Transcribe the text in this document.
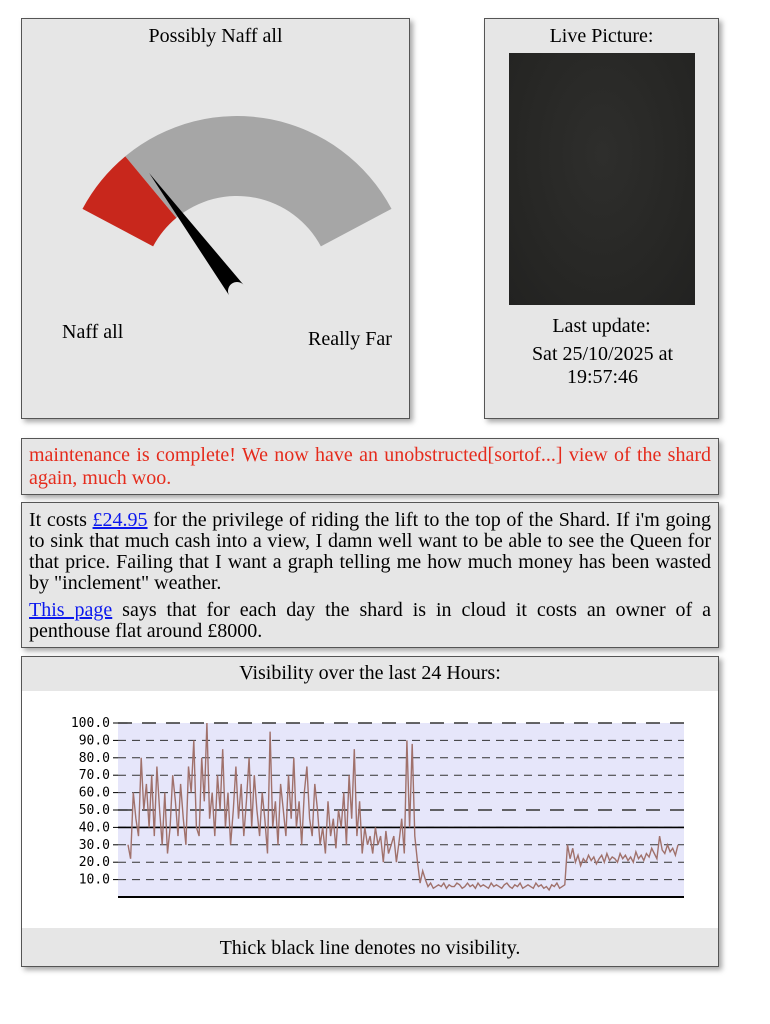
Possibly Naff all
Naff all	Really Far
Live Picture:
Last update:
Sat 25/10/2025 at 19:57:46
maintenance is complete! We now have an unobstructed[sortof...] view of the shard again, much woo.

It costs £24.95 for the privilege of riding the lift to the top of the Shard. If i'm going to sink that much cash into a view, I damn well want to be able to see the Queen for that price. Failing that I want a graph telling me how much money has been wasted by "inclement" weather.

This page says that for each day the shard is in cloud it costs an owner of a penthouse flat around £8000.

Visibility over the last 24 Hours:
100.0
90.0
80.0
70.0
60.0
50.0
40.0
30.0
20.0
10.0
Thick black line denotes no visibility.
